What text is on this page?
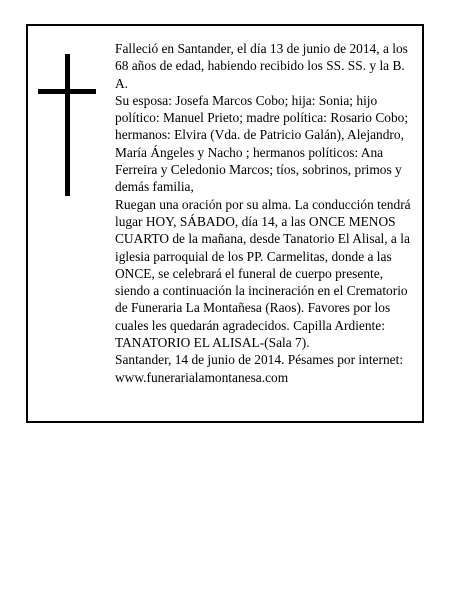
Falleció en Santander, el día 13 de junio de 2014, a los 68 años de edad, habiendo recibido los SS. SS. y la B. A.

Su esposa: Josefa Marcos Cobo; hija: Sonia; hijo político: Manuel Prieto; madre política: Rosario Cobo; hermanos: Elvira (Vda. de Patricio Galán), Alejandro, María Ángeles y Nacho ; hermanos políticos: Ana Ferreira y Celedonio Marcos; tíos, sobrinos, primos y demás familia,

Ruegan una oración por su alma. La conducción tendrá lugar HOY, SÁBADO, día 14, a las ONCE MENOS CUARTO de la mañana, desde Tanatorio El Alisal, a la iglesia parroquial de los PP. Carmelitas, donde a las ONCE, se celebrará el funeral de cuerpo presente, siendo a continuación la incineración en el Crematorio de Funeraria La Montañesa (Raos). Favores por los cuales les quedarán agradecidos. Capilla Ardiente: TANATORIO EL ALISAL-(Sala 7).

Santander, 14 de junio de 2014. Pésames por internet: www.funerarialamontanesa.com
